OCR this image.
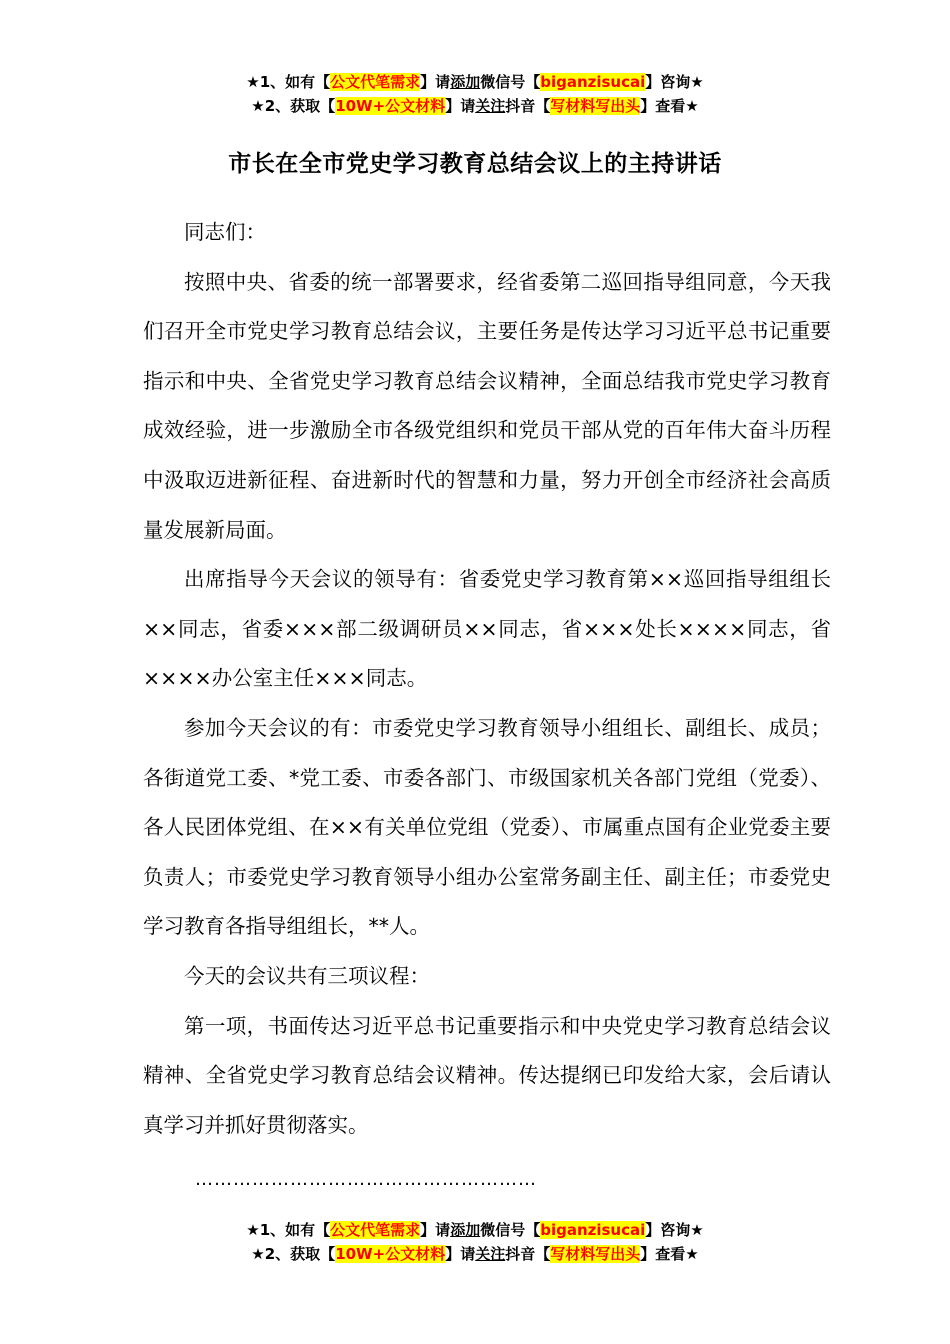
★1、如有【公文代笔需求】请添加微信号【biganzisucai】咨询★
★2、获取【10W+公文材料】请关注抖音【写材料写出头】查看★
市长在全市党史学习教育总结会议上的主持讲话

同志们：

按照中央、省委的统一部署要求，经省委第二巡回指导组同意，今天我们召开全市党史学习教育总结会议，主要任务是传达学习习近平总书记重要指示和中央、全省党史学习教育总结会议精神，全面总结我市党史学习教育成效经验，进一步激励全市各级党组织和党员干部从党的百年伟大奋斗历程中汲取迈进新征程、奋进新时代的智慧和力量，努力开创全市经济社会高质量发展新局面。

出席指导今天会议的领导有：省委党史学习教育第××巡回指导组组长××同志，省委×××部二级调研员××同志，省×××处长××××同志，省××××办公室主任×××同志。

参加今天会议的有：市委党史学习教育领导小组组长、副组长、成员；各街道党工委、*党工委、市委各部门、市级国家机关各部门党组（党委）、各人民团体党组、在××有关单位党组（党委）、市属重点国有企业党委主要负责人；市委党史学习教育领导小组办公室常务副主任、副主任；市委党史学习教育各指导组组长，**人。

今天的会议共有三项议程：

第一项，书面传达习近平总书记重要指示和中央党史学习教育总结会议精神、全省党史学习教育总结会议精神。传达提纲已印发给大家，会后请认真学习并抓好贯彻落实。

………………………………………………
★1、如有【公文代笔需求】请添加微信号【biganzisucai】咨询★
★2、获取【10W+公文材料】请关注抖音【写材料写出头】查看★
